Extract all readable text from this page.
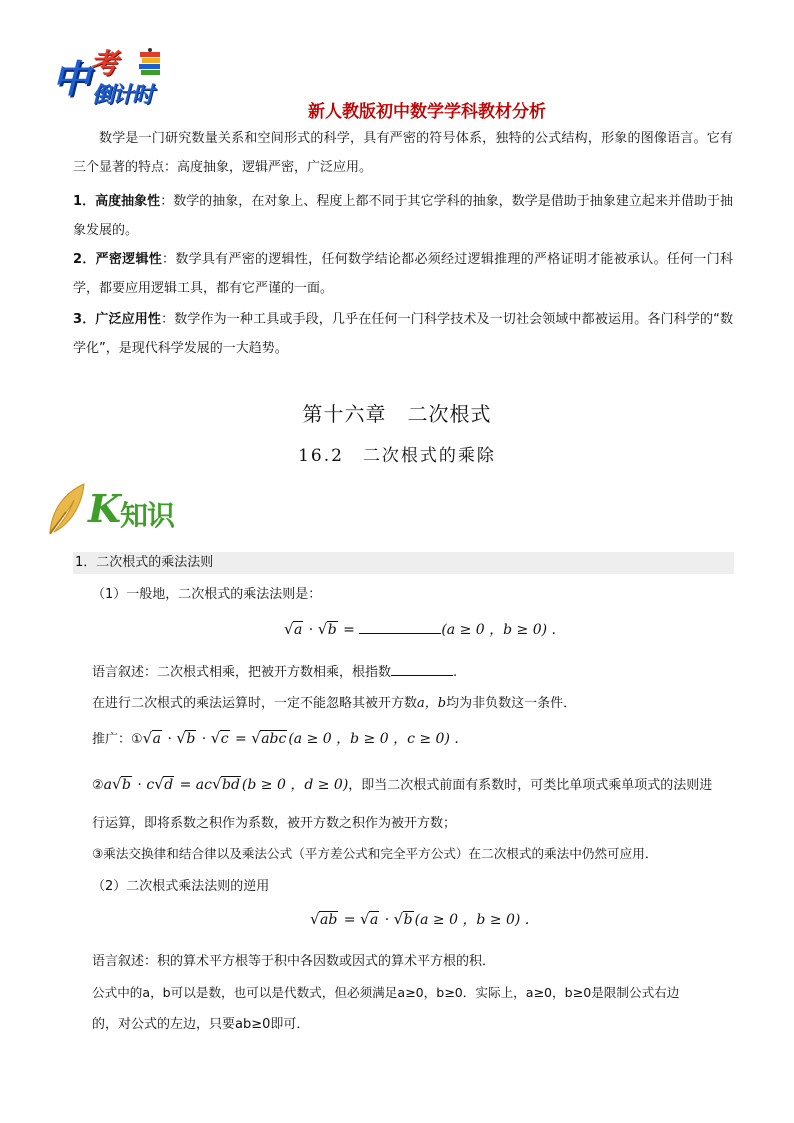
中 考
倒计时
新人教版初中数学学科教材分析
数学是一门研究数量关系和空间形式的科学，具有严密的符号体系，独特的公式结构，形象的图像语言。它有三个显著的特点：高度抽象，逻辑严密，广泛应用。
1．高度抽象性：数学的抽象，在对象上、程度上都不同于其它学科的抽象，数学是借助于抽象建立起来并借助于抽象发展的。
2．严密逻辑性：数学具有严密的逻辑性，任何数学结论都必须经过逻辑推理的严格证明才能被承认。任何一门科学，都要应用逻辑工具，都有它严谨的一面。
3．广泛应用性：数学作为一种工具或手段，几乎在任何一门科学技术及一切社会领域中都被运用。各门科学的“数学化”，是现代科学发展的一大趋势。
第十六章　二次根式
16.2　二次根式的乘除
K
知识
1．二次根式的乘法法则
（1）一般地，二次根式的乘法法则是：
√ a · √ b =	(a ≥ 0 ，b ≥ 0) .
语言叙述：二次根式相乘，把被开方数相乘，根指数	.
在进行二次根式的乘法运算时，一定不能忽略其被开方数a，b均为非负数这一条件．
推广：① √ a · √ b · √ c = √ abc (a ≥ 0 ，b ≥ 0 ，c ≥ 0) .
②a √ b · c √ d = ac √ bd (b ≥ 0 ，d ≥ 0)，即当二次根式前面有系数时，可类比单项式乘单项式的法则进
行运算，即将系数之积作为系数，被开方数之积作为被开方数；
③乘法交换律和结合律以及乘法公式（平方差公式和完全平方公式）在二次根式的乘法中仍然可应用．
（2）二次根式乘法法则的逆用
√ ab = √ a · √ b (a ≥ 0 ，b ≥ 0) .
语言叙述：积的算术平方根等于积中各因数或因式的算术平方根的积．
公式中的a，b可以是数，也可以是代数式，但必须满足a≥0，b≥0．实际上，a≥0，b≥0是限制公式右边
的，对公式的左边，只要ab≥0即可．
